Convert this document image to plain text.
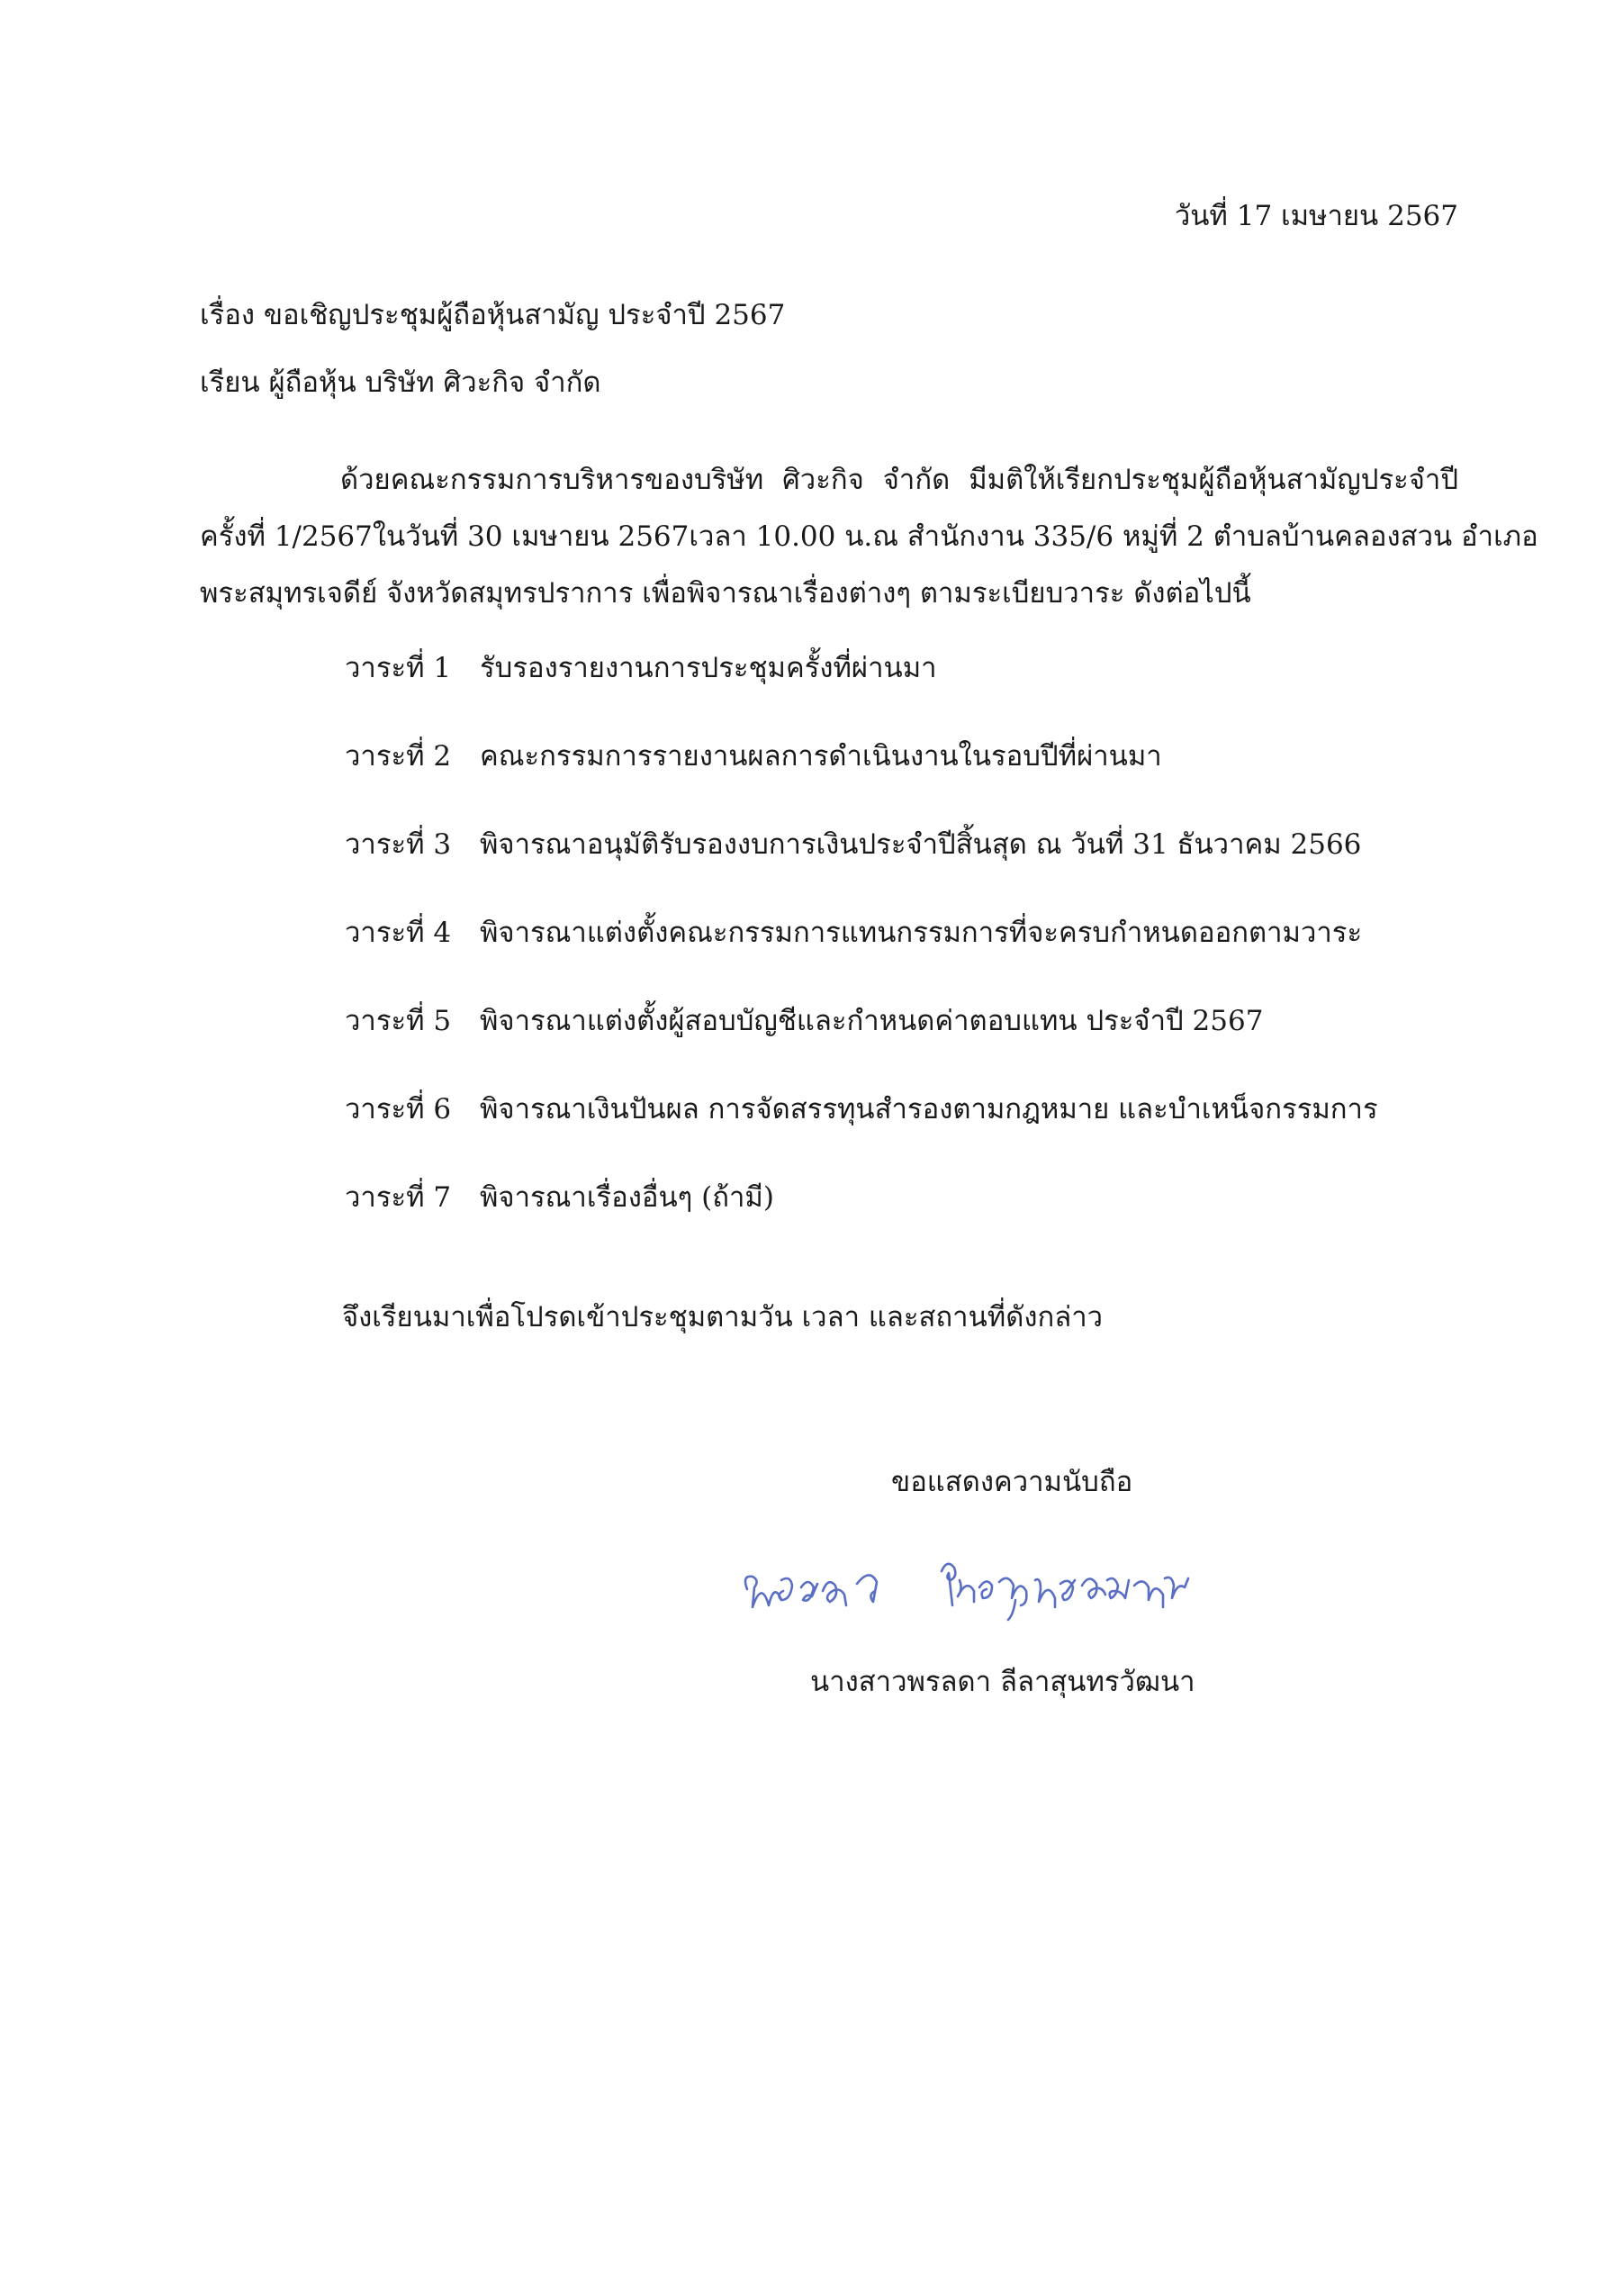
วันที่ 17 เมษายน 2567

เรื่อง ขอเชิญประชุมผู้ถือหุ้นสามัญ ประจำปี 2567

เรียน ผู้ถือหุ้น บริษัท ศิวะกิจ จำกัด

ด้วยคณะกรรมการบริหารของบริษัท ศิวะกิจ จำกัด มีมติให้เรียกประชุมผู้ถือหุ้นสามัญประจำปี

ครั้งที่ 1/2567ในวันที่ 30 เมษายน 2567เวลา 10.00 น.ณ สำนักงาน 335/6 หมู่ที่ 2 ตำบลบ้านคลองสวน อำเภอ

พระสมุทรเจดีย์ จังหวัดสมุทรปราการ เพื่อพิจารณาเรื่องต่างๆ ตามระเบียบวาระ ดังต่อไปนี้

วาระที่ 1 รับรองรายงานการประชุมครั้งที่ผ่านมา
วาระที่ 2 คณะกรรมการรายงานผลการดำเนินงานในรอบปีที่ผ่านมา
วาระที่ 3 พิจารณาอนุมัติรับรองงบการเงินประจำปีสิ้นสุด ณ วันที่ 31 ธันวาคม 2566
วาระที่ 4 พิจารณาแต่งตั้งคณะกรรมการแทนกรรมการที่จะครบกำหนดออกตามวาระ
วาระที่ 5 พิจารณาแต่งตั้งผู้สอบบัญชีและกำหนดค่าตอบแทน ประจำปี 2567
วาระที่ 6 พิจารณาเงินปันผล การจัดสรรทุนสำรองตามกฎหมาย และบำเหน็จกรรมการ
วาระที่ 7 พิจารณาเรื่องอื่นๆ (ถ้ามี)

จึงเรียนมาเพื่อโปรดเข้าประชุมตามวัน เวลา และสถานที่ดังกล่าว

ขอแสดงความนับถือ

นางสาวพรลดา ลีลาสุนทรวัฒนา
